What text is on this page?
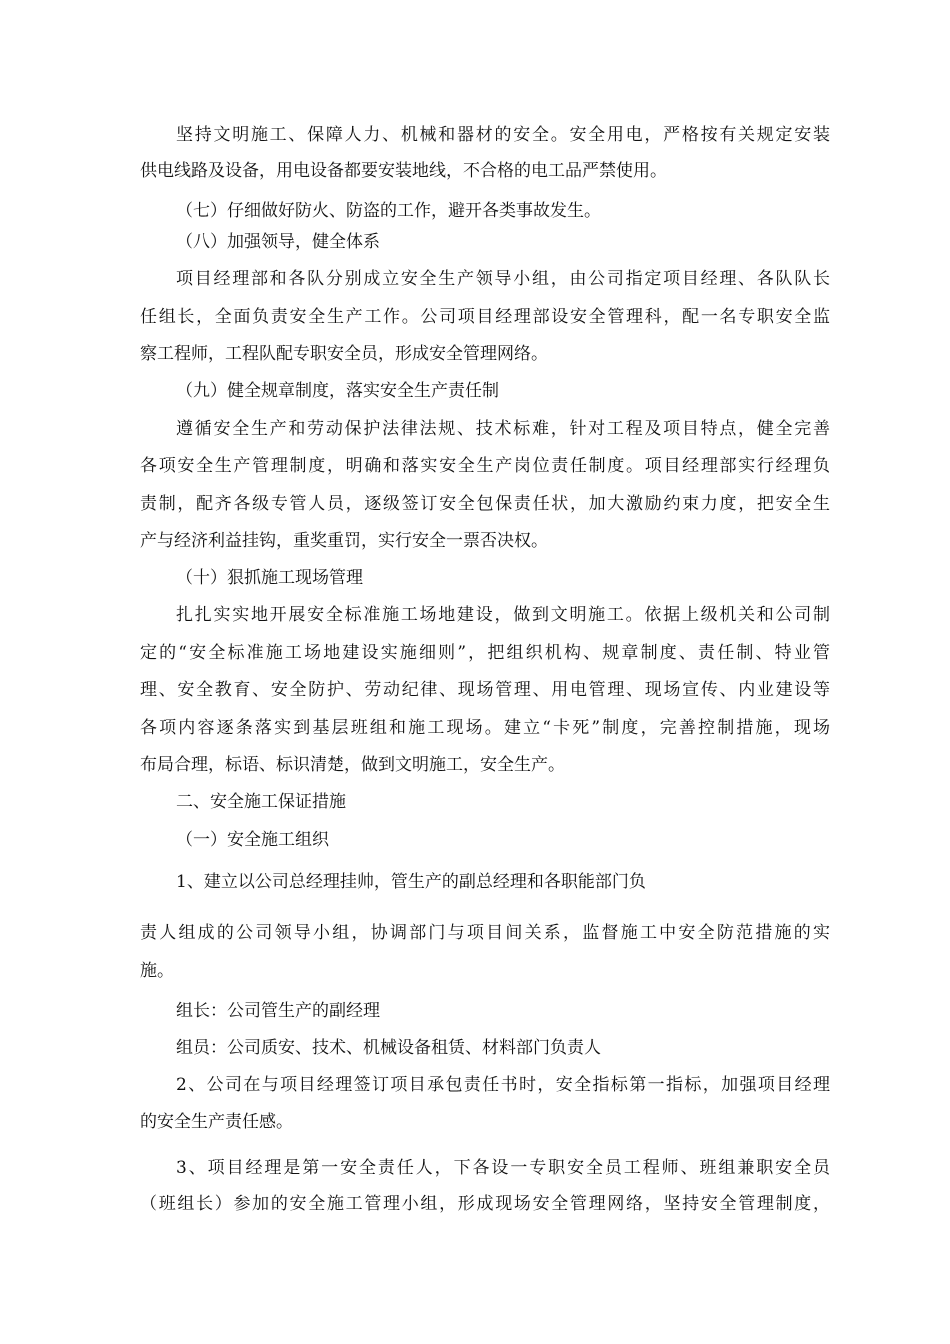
坚持文明施工、保障人力、机械和器材的安全。安全用电，严格按有关规定安装
供电线路及设备，用电设备都要安装地线，不合格的电工品严禁使用。
（七）仔细做好防火、防盗的工作，避开各类事故发生。
（八）加强领导，健全体系
项目经理部和各队分别成立安全生产领导小组，由公司指定项目经理、各队队长
任组长，全面负责安全生产工作。公司项目经理部设安全管理科，配一名专职安全监
察工程师，工程队配专职安全员，形成安全管理网络。
（九）健全规章制度，落实安全生产责任制
遵循安全生产和劳动保护法律法规、技术标难，针对工程及项目特点，健全完善
各项安全生产管理制度，明确和落实安全生产岗位责任制度。项目经理部实行经理负
责制，配齐各级专管人员，逐级签订安全包保责任状，加大激励约束力度，把安全生
产与经济利益挂钩，重奖重罚，实行安全一票否决权。
（十）狠抓施工现场管理
扎扎实实地开展安全标准施工场地建设，做到文明施工。依据上级机关和公司制
定的“安全标准施工场地建设实施细则”，把组织机构、规章制度、责任制、特业管
理、安全教育、安全防护、劳动纪律、现场管理、用电管理、现场宣传、内业建设等
各项内容逐条落实到基层班组和施工现场。建立“卡死”制度，完善控制措施，现场
布局合理，标语、标识清楚，做到文明施工，安全生产。
二、安全施工保证措施
（一）安全施工组织
1、建立以公司总经理挂帅，管生产的副总经理和各职能部门负
责人组成的公司领导小组，协调部门与项目间关系，监督施工中安全防范措施的实
施。
组长：公司管生产的副经理
组员：公司质安、技术、机械设备租赁、材料部门负责人
2、公司在与项目经理签订项目承包责任书时，安全指标第一指标，加强项目经理
的安全生产责任感。
3、项目经理是第一安全责任人，下各设一专职安全员工程师、班组兼职安全员
（班组长）参加的安全施工管理小组，形成现场安全管理网络，坚持安全管理制度，
